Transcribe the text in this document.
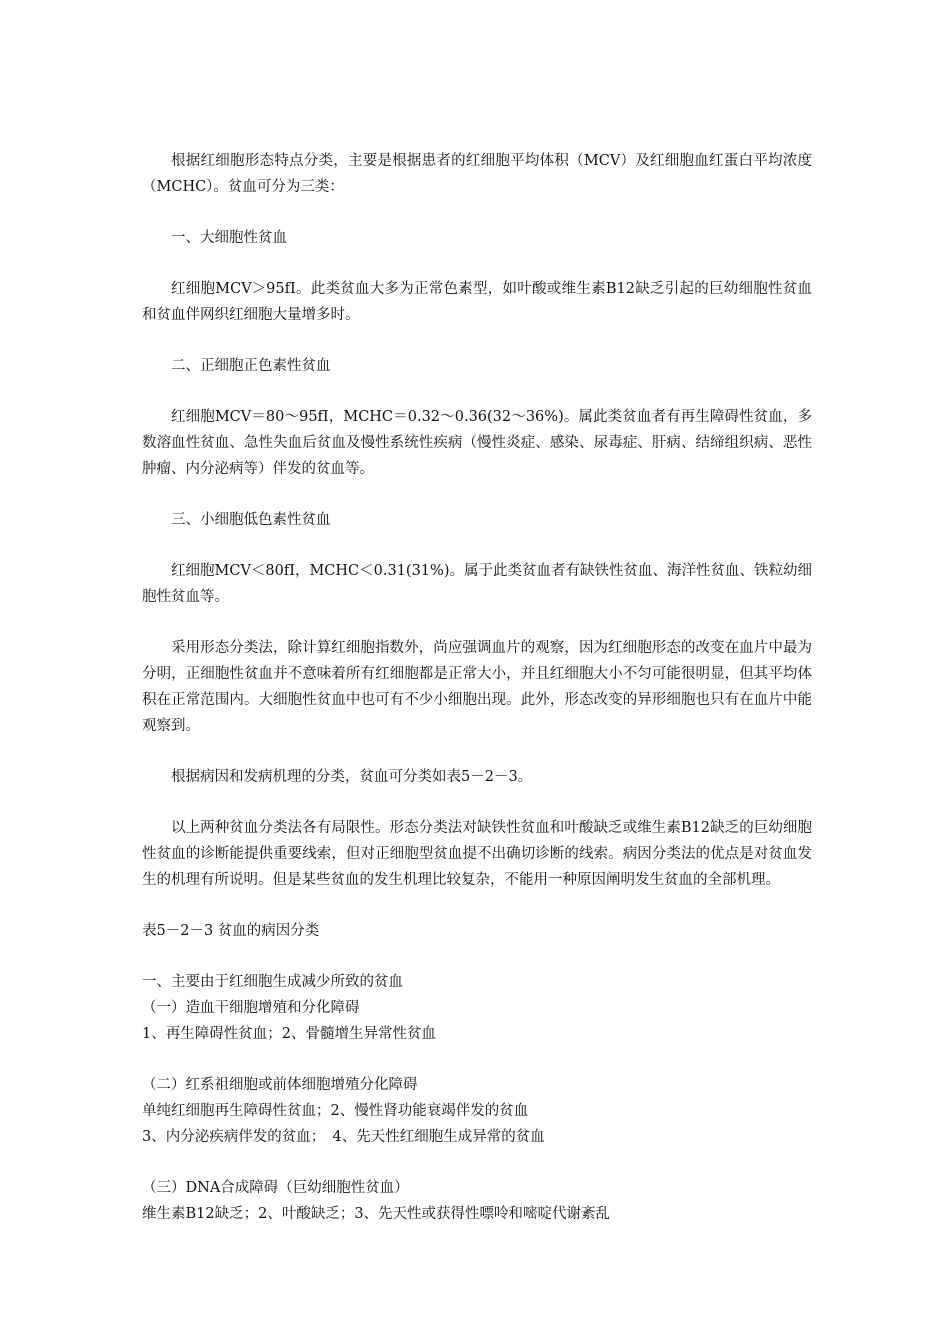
根据红细胞形态特点分类，主要是根据患者的红细胞平均体积（MCV）及红细胞血红蛋白平均浓度（MCHC）。贫血可分为三类：

一、大细胞性贫血

红细胞MCV＞95fI。此类贫血大多为正常色素型，如叶酸或维生素B12缺乏引起的巨幼细胞性贫血和贫血伴网织红细胞大量增多时。

二、正细胞正色素性贫血

红细胞MCV＝80～95fI，MCHC＝0.32～0.36(32～36%)。属此类贫血者有再生障碍性贫血，多数溶血性贫血、急性失血后贫血及慢性系统性疾病（慢性炎症、感染、尿毒症、肝病、结缔组织病、恶性肿瘤、内分泌病等）伴发的贫血等。

三、小细胞低色素性贫血

红细胞MCV＜80fI，MCHC＜0.31(31%)。属于此类贫血者有缺铁性贫血、海洋性贫血、铁粒幼细胞性贫血等。

采用形态分类法，除计算红细胞指数外，尚应强调血片的观察，因为红细胞形态的改变在血片中最为分明，正细胞性贫血并不意味着所有红细胞都是正常大小，并且红细胞大小不匀可能很明显，但其平均体积在正常范围内。大细胞性贫血中也可有不少小细胞出现。此外，形态改变的异形细胞也只有在血片中能观察到。

根据病因和发病机理的分类，贫血可分类如表5－2－3。

以上两种贫血分类法各有局限性。形态分类法对缺铁性贫血和叶酸缺乏或维生素B12缺乏的巨幼细胞性贫血的诊断能提供重要线索，但对正细胞型贫血提不出确切诊断的线索。病因分类法的优点是对贫血发生的机理有所说明。但是某些贫血的发生机理比较复杂，不能用一种原因阐明发生贫血的全部机理。

表5－2－3 贫血的病因分类

一、主要由于红细胞生成减少所致的贫血

（一）造血干细胞增殖和分化障碍

1、再生障碍性贫血；2、骨髓增生异常性贫血

（二）红系祖细胞或前体细胞增殖分化障碍

单纯红细胞再生障碍性贫血；2、慢性肾功能衰竭伴发的贫血

3、内分泌疾病伴发的贫血；　4、先天性红细胞生成异常的贫血

（三）DNA合成障碍（巨幼细胞性贫血）

维生素B12缺乏；2、叶酸缺乏；3、先天性或获得性嘌呤和嘧啶代谢紊乱
